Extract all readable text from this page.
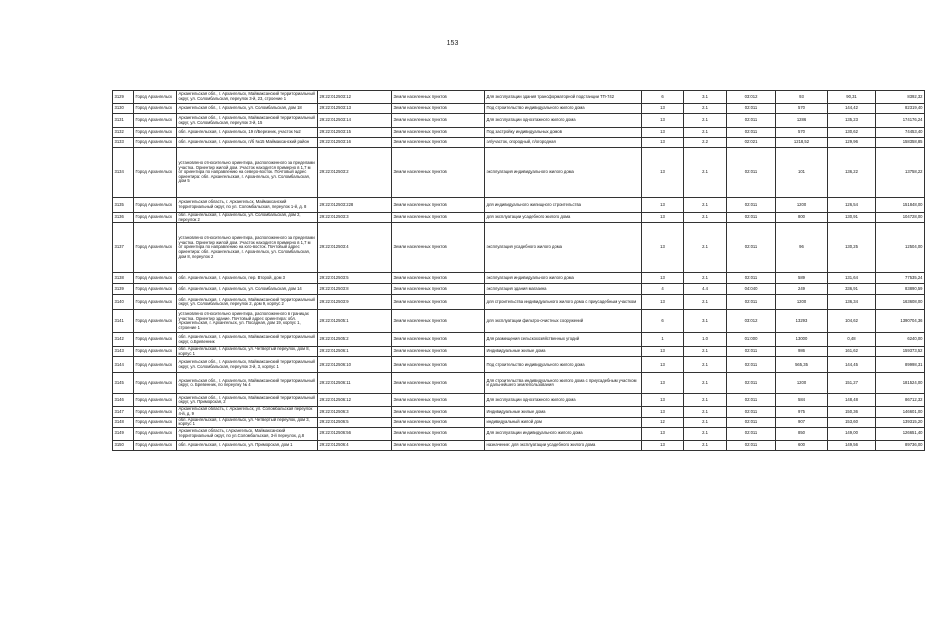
153
3129	Город Архангельск	Архангельская обл., г. Архангельск, Маймаксанский территориальный округ, ул. Соломбальская, переулок 3-й, 23, строение 1	29:22:012503:12	Земли населенных пунктов	Для эксплуатации здания трансформаторной подстанции ТП-742	6	3.1	03:012	93	90,31	8392,32
3130	Город Архангельск	Архангельская обл., г. Архангельск, ул. Соломбальская, дом 18	29:22:012503:13	Земли населенных пунктов	Под строительство индивидуального жилого дома	13	2.1	02:011	570	144,42	82319,40
3131	Город Архангельск	Архангельская обл., г. Архангельск, Маймаксанский территориальный округ, ул. Соломбальская, переулок 3-й, 15	29:22:012503:14	Земли населенных пунктов	Для эксплуатации одноэтажного жилого дома	13	2.1	02:011	1286	135,23	174176,24
3132	Город Архангельск	обл. Архангельская, г. Архангельск, 19 п/Березник, участок №2	29:22:012503:15	Земли населенных пунктов	Под застройку индивидуальных домов	13	2.1	02:011	570	130,62	74453,40
3133	Город Архангельск	обл. Архангельская, г. Архангельск, п/б №15 Маймаксанский район	29:22:012503:16	Земли населенных пунктов	эл/участок, огородный, п/огородная	13	2.2	02:021	1218,52	129,96	158358,85
3134	Город Архангельск	установлено относительно ориентира, расположенного за пределами участка. Ориентир жилой дом. Участок находится примерно в 1,7 м от ориентира по направлению на северо-восток. Почтовый адрес ориентира: обл. Архангельская, г. Архангельск, ул. Соломбальская, дом 5	29:22:012503:2	Земли населенных пунктов	эксплуатация индивидуального жилого дома	13	2.1	02:011	101	136,22	13758,22
3135	Город Архангельск	Архангельская область, г. Архангельск, Маймаксанский территориальный округ, по ул. Соломбальская, переулок 1-й, д. 8	29:22:012503:228	Земли населенных пунктов	для индивидуального жилищного строительства	13	2.1	02:011	1200	126,54	151848,00
3136	Город Архангельск	обл. Архангельская, г. Архангельск, ул. Соломбальская, дом 2, переулок 2	29:22:012503:3	Земли населенных пунктов	для эксплуатации усадебного жилого дома	13	2.1	02:011	800	130,91	104728,00
3137	Город Архангельск	установлено относительно ориентира, расположенного за пределами участка. Ориентир жилой дом. Участок находится примерно в 1,7 м от ориентира по направлению на юго-восток. Почтовый адрес ориентира: обл. Архангельская, г. Архангельск, ул. Соломбальская, дом 8, переулок 2	29:22:012503:4	Земли населенных пунктов	эксплуатация усадебного жилого дома	13	2.1	02:011	96	130,25	12504,00
3138	Город Архангельск	обл. Архангельская, г. Архангельск, пер. Второй, дом 3	29:22:012503:5	Земли населенных пунктов	эксплуатация индивидуального жилого дома	13	2.1	02:011	589	131,64	77535,24
3139	Город Архангельск	обл. Архангельская, г. Архангельск, ул. Соломбальская, дом 14	29:22:012503:8	Земли населенных пунктов	эксплуатация здания магазина	4	4.4	04:040	249	336,91	83890,59
3140	Город Архангельск	обл. Архангельская, г. Архангельск, Маймаксанский территориальный округ, ул. Соломбальская, переулок 2, дом 9, корпус 2	29:22:012503:9	Земли населенных пунктов	для строительства индивидуального жилого дома с приусадебным участком	13	2.1	02:011	1200	136,34	163608,00
3141	Город Архангельск	установлено относительно ориентира, расположенного в границах участка. Ориентир здание. Почтовый адрес ориентира: обл. Архангельская, г. Архангельск, ул. Посадная, дом 19, корпус 1, строение 1	29:22:012505:1	Земли населенных пунктов	для эксплуатации фильтро-очистных сооружений	6	3.1	03:012	13293	104,62	1390704,36
3142	Город Архангельск	обл. Архангельская, г. Архангельск, Маймаксанский территориальный округ, о.Бревенник	29:22:012505:2	Земли населенных пунктов	Для размещения сельскохозяйственных угодий	1	1.0	01:000	13000	0,48	6240,00
3143	Город Архангельск	обл. Архангельская, г. Архангельск, ул. Четвертый переулок, дом 8, корпус 1	29:22:012506:1	Земли населенных пунктов	Индивидуальные жилые дома	13	2.1	02:011	986	161,62	159373,52
3144	Город Архангельск	Архангельская обл., г. Архангельск, Маймаксанский территориальный округ, ул. Соломбальская, переулок 3-й, 3, корпус 1	29:22:012506:10	Земли населенных пунктов	Под строительство индивидуального жилого дома	13	2.1	02:011	565,35	144,45	89998,31
3145	Город Архангельск	Архангельская обл., г. Архангельск, Маймаксанский территориальный округ, о. Бревенник, по переулку № 4	29:22:012506:11	Земли населенных пунктов	Для строительства индивидуального жилого дома с приусадебным участком и дальнейшего землепользования	13	2.1	02:011	1200	151,27	181524,00
3146	Город Архангельск	Архангельская обл., г. Архангельск, Маймаксанский территориальный округ, ул. Приморская, 2	29:22:012506:12	Земли населенных пунктов	Для эксплуатации одноэтажного жилого дома	13	2.1	02:011	584	148,48	86712,32
3147	Город Архангельск	Архангельская область, г. Архангельск, ул. Соломбальская переулок 4-й, д. 9	29:22:012506:3	Земли населенных пунктов	Индивидуальные жилые дома	13	2.1	02:011	975	150,36	146601,00
3148	Город Архангельск	обл. Архангельская, г. Архангельск, ул. Четвертый переулок, дом 3, корпус 1	29:22:012506:5	Земли населенных пунктов	индивидуальный жилой дом	12	2.1	02:011	907	153,60	139315,20
3149	Город Архангельск	Архангельская область, г.Архангельск, Маймаксанский территориальный округ, по ул.Соломбальская, 3-й переулок, д.8	29:22:012506:56	Земли населенных пунктов	Для эксплуатации индивидуального жилого дома	13	2.1	02:011	850	149,00	126651,40
3150	Город Архангельск	обл. Архангельская, г. Архангельск, ул. Приморская, дом 1	29:22:012506:4	Земли населенных пунктов	назначение: для эксплуатации усадебного жилого дома	13	2.1	02:011	600	149,56	89736,00
